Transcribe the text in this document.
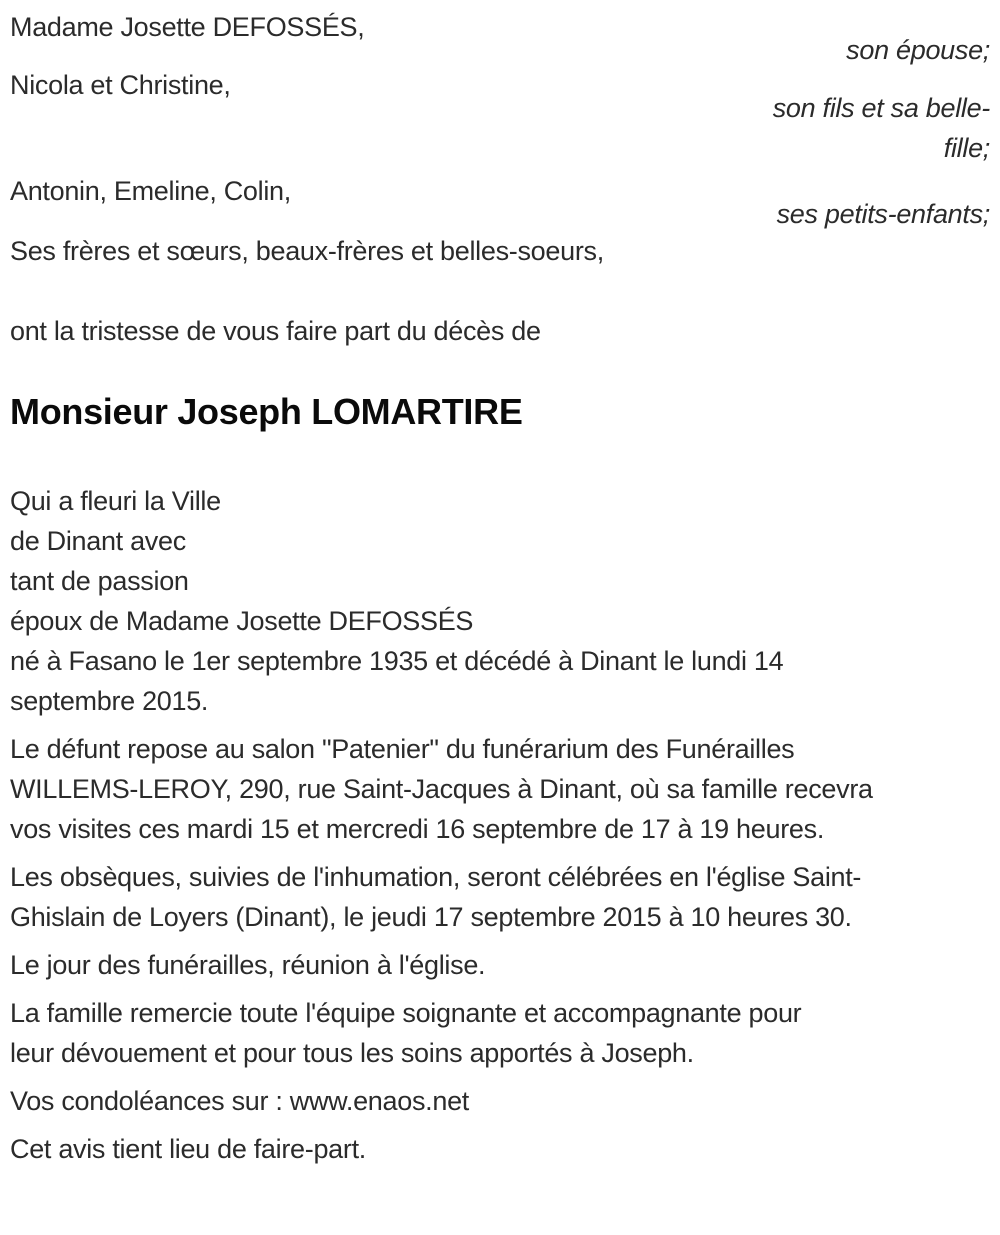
Madame Josette DEFOSSÉS,
son épouse;
Nicola et Christine,
son fils et sa belle-fille;
Antonin, Emeline, Colin,
ses petits-enfants;
Ses frères et sœurs, beaux-frères et belles-soeurs,

ont la tristesse de vous faire part du décès de

Monsieur Joseph LOMARTIRE
Qui a fleuri la Ville
de Dinant avec
tant de passion
époux de Madame Josette DEFOSSÉS

né à Fasano le 1er septembre 1935 et décédé à Dinant le lundi 14
septembre 2015.

Le défunt repose au salon "Patenier" du funérarium des Funérailles
WILLEMS-LEROY, 290, rue Saint-Jacques à Dinant, où sa famille recevra
vos visites ces mardi 15 et mercredi 16 septembre de 17 à 19 heures.

Les obsèques, suivies de l'inhumation, seront célébrées en l'église Saint-
Ghislain de Loyers (Dinant), le jeudi 17 septembre 2015 à 10 heures 30.

Le jour des funérailles, réunion à l'église.

La famille remercie toute l'équipe soignante et accompagnante pour
leur dévouement et pour tous les soins apportés à Joseph.

Vos condoléances sur : www.enaos.net

Cet avis tient lieu de faire-part.
